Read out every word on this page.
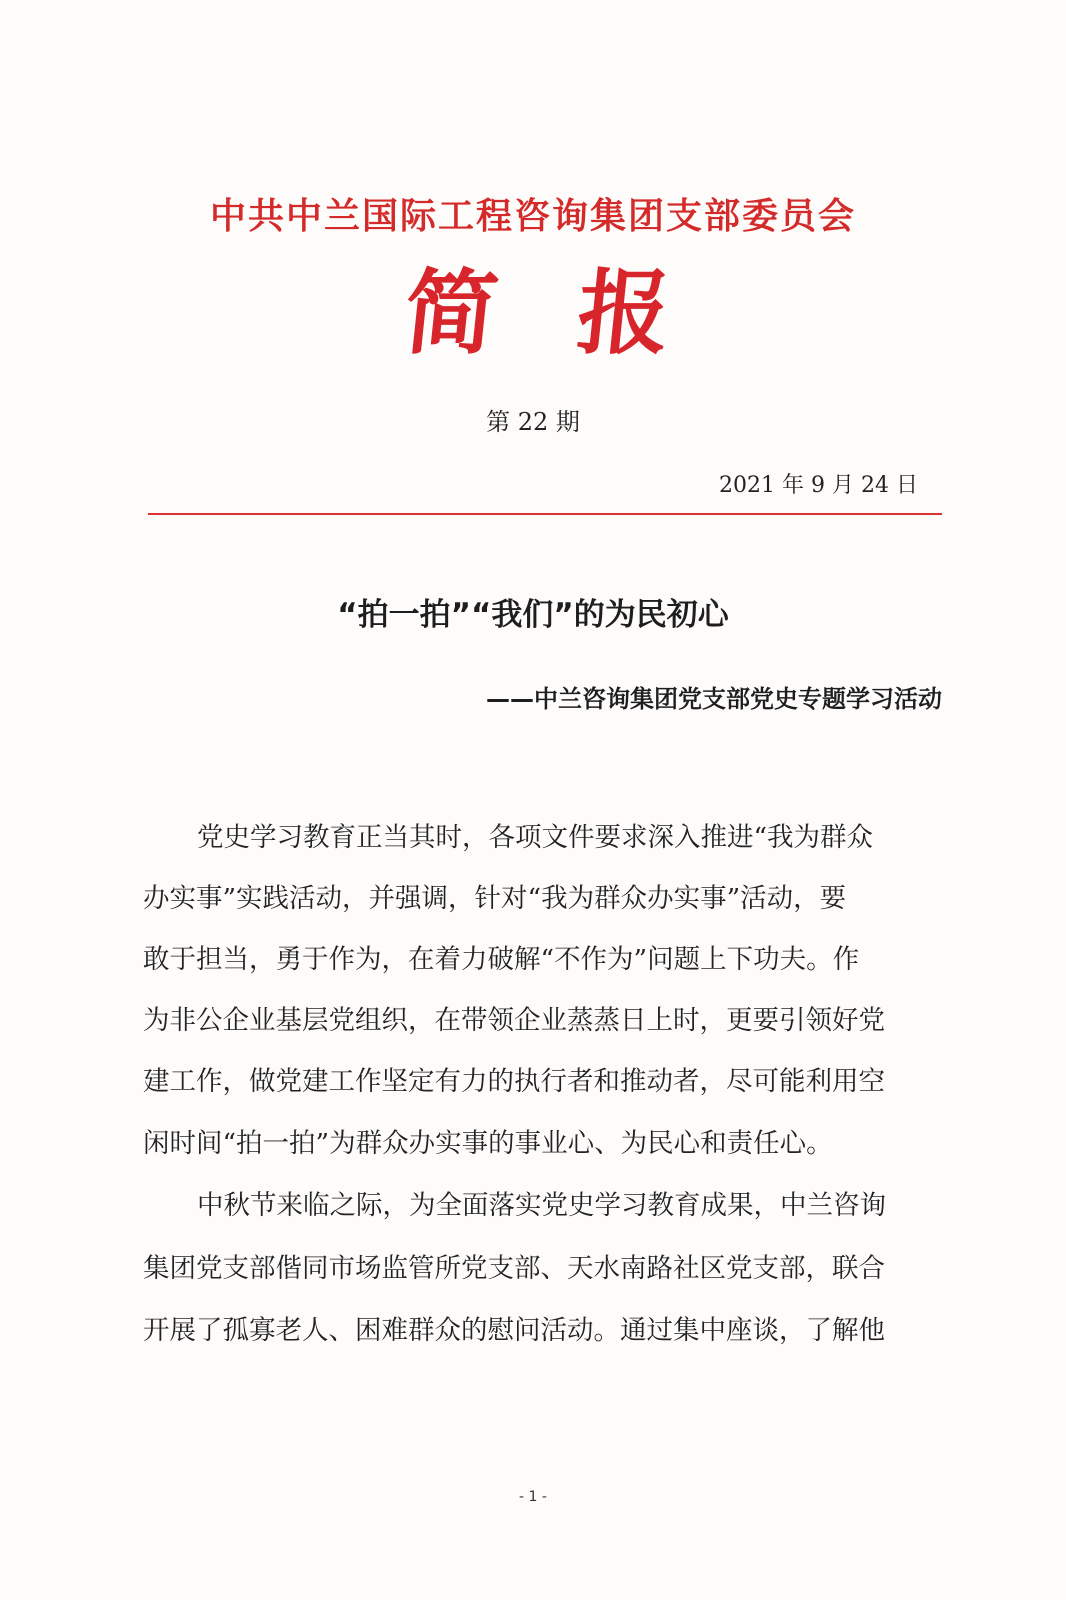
中共中兰国际工程咨询集团支部委员会
简 报
第 22 期
2021 年 9 月 24 日
“拍一拍”“我们”的为民初心
——中兰咨询集团党支部党史专题学习活动
党史学习教育正当其时，各项文件要求深入推进“我为群众
办实事”实践活动，并强调，针对“我为群众办实事”活动，要
敢于担当，勇于作为，在着力破解“不作为”问题上下功夫。作
为非公企业基层党组织，在带领企业蒸蒸日上时，更要引领好党
建工作，做党建工作坚定有力的执行者和推动者，尽可能利用空
闲时间“拍一拍”为群众办实事的事业心、为民心和责任心。
中秋节来临之际，为全面落实党史学习教育成果，中兰咨询
集团党支部偕同市场监管所党支部、天水南路社区党支部，联合
开展了孤寡老人、困难群众的慰问活动。通过集中座谈，了解他
- 1 -
